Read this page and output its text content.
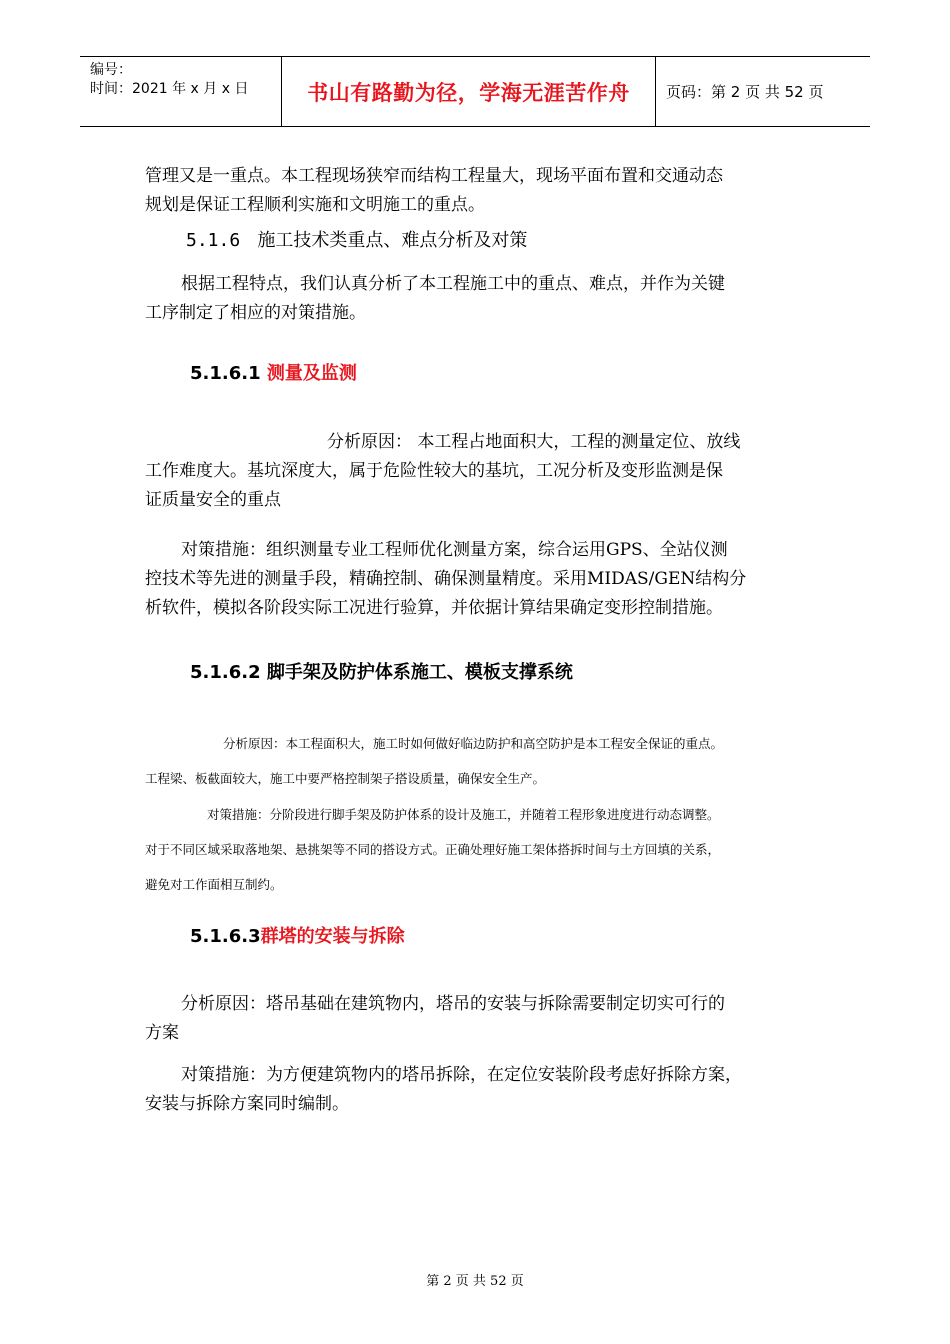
编号：
时间：2021 年 x 月 x 日	书山有路勤为径，学海无涯苦作舟	页码：第 2 页 共 52 页
管理又是一重点。本工程现场狭窄而结构工程量大，现场平面布置和交通动态
规划是保证工程顺利实施和文明施工的重点。
5.1.6 施工技术类重点、难点分析及对策
根据工程特点，我们认真分析了本工程施工中的重点、难点，并作为关键
工序制定了相应的对策措施。
5.1.6.1 测量及监测
分析原因： 本工程占地面积大，工程的测量定位、放线
工作难度大。基坑深度大，属于危险性较大的基坑，工况分析及变形监测是保
证质量安全的重点
对策措施：组织测量专业工程师优化测量方案，综合运用GPS、全站仪测
控技术等先进的测量手段，精确控制、确保测量精度。采用MIDAS/GEN结构分
析软件，模拟各阶段实际工况进行验算，并依据计算结果确定变形控制措施。
5.1.6.2 脚手架及防护体系施工、模板支撑系统
分析原因：本工程面积大，施工时如何做好临边防护和高空防护是本工程安全保证的重点。
工程梁、板截面较大，施工中要严格控制架子搭设质量，确保安全生产。
对策措施：分阶段进行脚手架及防护体系的设计及施工，并随着工程形象进度进行动态调整。
对于不同区域采取落地架、悬挑架等不同的搭设方式。正确处理好施工架体搭拆时间与土方回填的关系，
避免对工作面相互制约。
5.1.6.3群塔的安装与拆除
分析原因：塔吊基础在建筑物内，塔吊的安装与拆除需要制定切实可行的
方案
对策措施：为方便建筑物内的塔吊拆除，在定位安装阶段考虑好拆除方案，
安装与拆除方案同时编制。
第 2 页 共 52 页
